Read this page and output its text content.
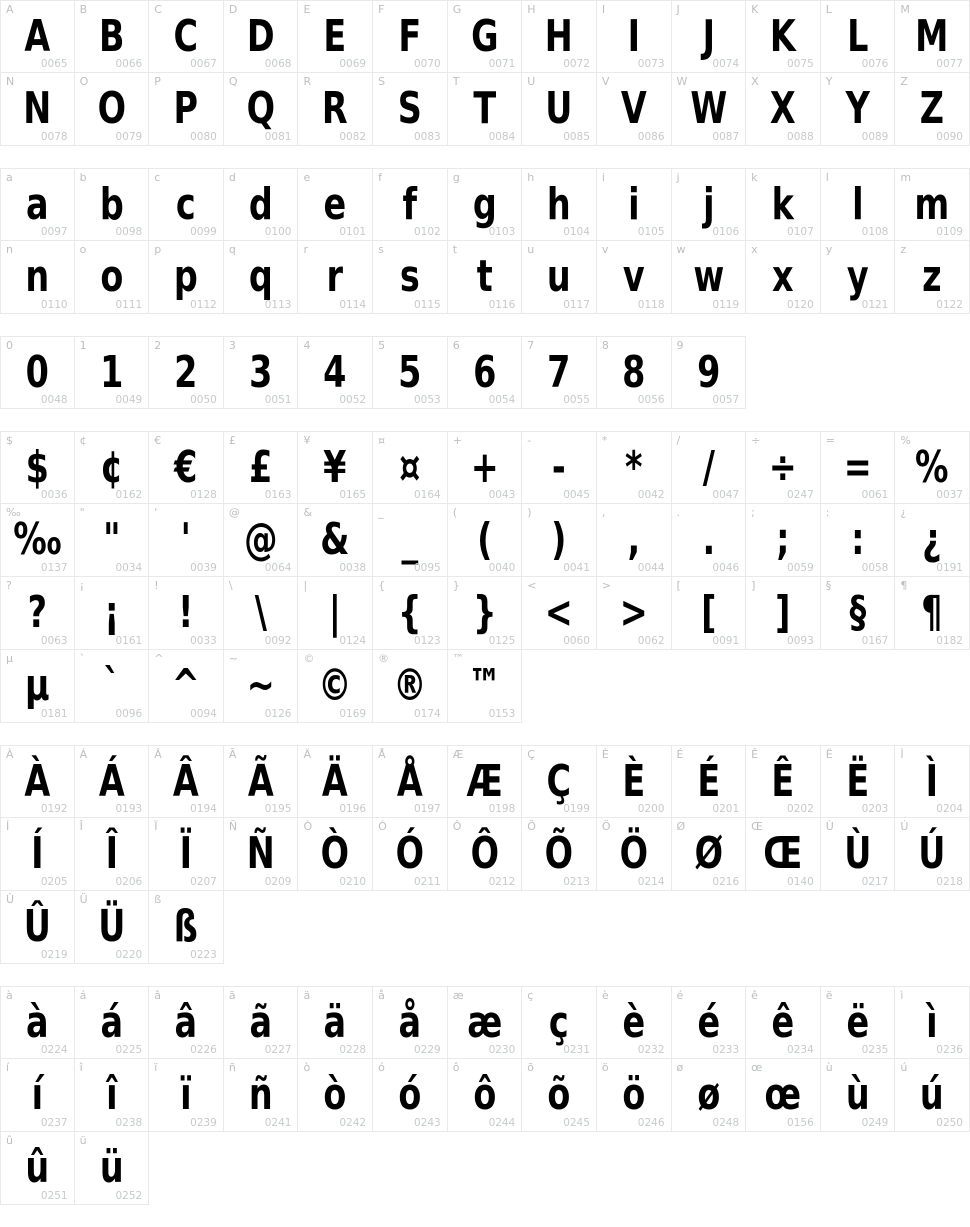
A
A
0065
B
B
0066
C
C
0067
D
D
0068
E
E
0069
F
F
0070
G
G
0071
H
H
0072
I
I
0073
J
J
0074
K
K
0075
L
L
0076
M
M
0077
N
N
0078
O
O
0079
P
P
0080
Q
Q
0081
R
R
0082
S
S
0083
T
T
0084
U
U
0085
V
V
0086
W
W
0087
X
X
0088
Y
Y
0089
Z
Z
0090
a
a
0097
b
b
0098
c
c
0099
d
d
0100
e
e
0101
f
f
0102
g
g
0103
h
h
0104
i
i
0105
j
j
0106
k
k
0107
l
l
0108
m
m
0109
n
n
0110
o
o
0111
p
p
0112
q
q
0113
r
r
0114
s
s
0115
t
t
0116
u
u
0117
v
v
0118
w
w
0119
x
x
0120
y
y
0121
z
z
0122
0
0
0048
1
1
0049
2
2
0050
3
3
0051
4
4
0052
5
5
0053
6
6
0054
7
7
0055
8
8
0056
9
9
0057
$
$
0036
¢
¢
0162
€
€
0128
£
£
0163
¥
¥
0165
¤
¤
0164
+
+
0043
-
-
0045
*
*
0042
/
/
0047
÷
÷
0247
=
=
0061
%
%
0037
‰
‰
0137
"
"
0034
'
'
0039
@
@
0064
&
&
0038
_
_
0095
(
(
0040
)
)
0041
,
,
0044
.
.
0046
;
;
0059
:
:
0058
¿
¿
0191
?
?
0063
¡
¡
0161
!
!
0033
\
\
0092
|
|
0124
{
{
0123
}
}
0125
<
<
0060
>
>
0062
[
[
0091
]
]
0093
§
§
0167
¶
¶
0182
µ
µ
0181
`
`
0096
^
^
0094
~
~
0126
©
©
0169
®
®
0174
™
™
0153
À
À
0192
Á
Á
0193
Â
Â
0194
Ã
Ã
0195
Ä
Ä
0196
Å
Å
0197
Æ
Æ
0198
Ç
Ç
0199
È
È
0200
É
É
0201
Ê
Ê
0202
Ë
Ë
0203
Ì
Ì
0204
Í
Í
0205
Î
Î
0206
Ï
Ï
0207
Ñ
Ñ
0209
Ò
Ò
0210
Ó
Ó
0211
Ô
Ô
0212
Õ
Õ
0213
Ö
Ö
0214
Ø
Ø
0216
Œ
Œ
0140
Ù
Ù
0217
Ú
Ú
0218
Û
Û
0219
Ü
Ü
0220
ß
ß
0223
à
à
0224
á
á
0225
â
â
0226
ã
ã
0227
ä
ä
0228
å
å
0229
æ
æ
0230
ç
ç
0231
è
è
0232
é
é
0233
ê
ê
0234
ë
ë
0235
ì
ì
0236
í
í
0237
î
î
0238
ï
ï
0239
ñ
ñ
0241
ò
ò
0242
ó
ó
0243
ô
ô
0244
õ
õ
0245
ö
ö
0246
ø
ø
0248
œ
œ
0156
ù
ù
0249
ú
ú
0250
û
û
0251
ü
ü
0252
